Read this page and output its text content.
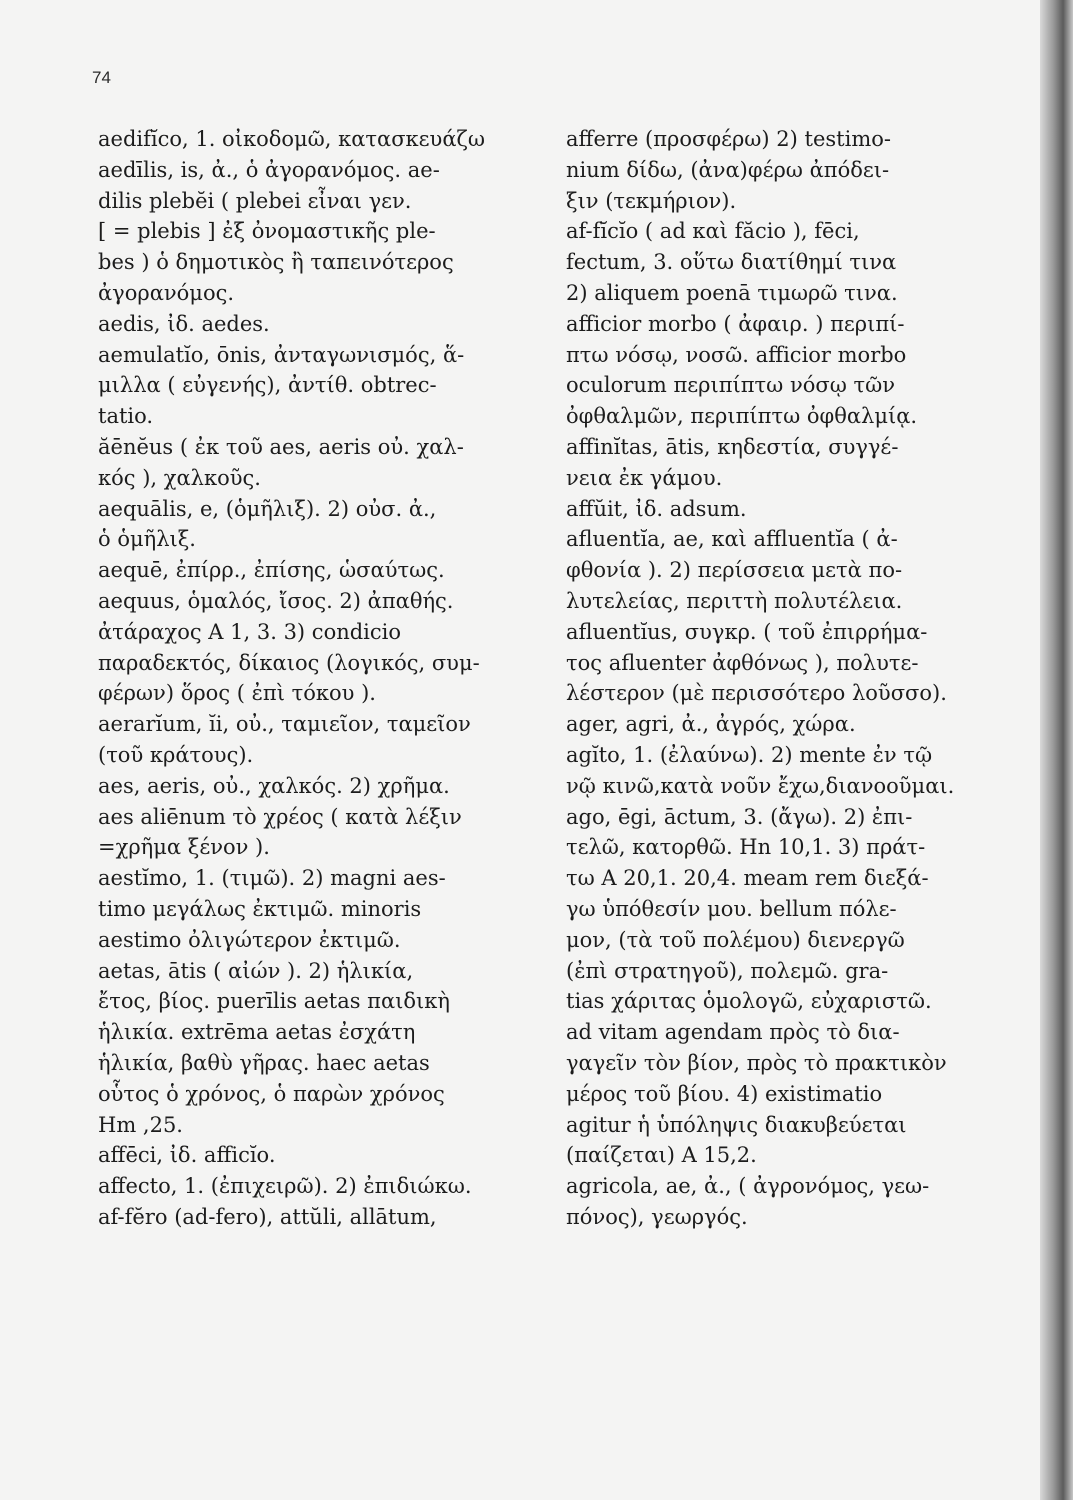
74
aedifĭco, 1. οἰκοδομῶ, κατασκευάζω
aedīlis, is, ἀ., ὁ ἀγορανόμος. ae-
dilis plebĕi ( plebei εἶναι γεν.
[ = plebis ] ἐξ ὀνομαστικῆς ple-
bes ) ὁ δημοτικὸς ἢ ταπεινότερος
ἀγορανόμος.
aedis, ἰδ. aedes.
aemulatĭo, ōnis, ἀνταγωνισμός, ἅ-
μιλλα ( εὐγενής), ἀντίθ. obtrec-
tatio.
ăēnĕus ( ἐκ τοῦ aes, aeris οὐ. χαλ-
κός ), χαλκοῦς.
aequālis, e, (ὁμῆλιξ). 2) οὐσ. ἀ.,
ὁ ὁμῆλιξ.
aequē, ἐπίρρ., ἐπίσης, ὡσαύτως.
aequus, ὁμαλός, ἴσος. 2) ἀπαθής.
ἀτάραχος A 1, 3. 3) condicio
παραδεκτός, δίκαιος (λογικός, συμ-
φέρων) ὅρος ( ἐπὶ τόκου ).
aerarĭum, ĭi, οὐ., ταμιεῖον, ταμεῖον
(τοῦ κράτους).
aes, aeris, οὐ., χαλκός. 2) χρῆμα.
aes aliēnum τὸ χρέος ( κατὰ λέξιν
=χρῆμα ξένον ).
aestĭmo, 1. (τιμῶ). 2) magni aes-
timo μεγάλως ἐκτιμῶ. minoris
aestimo ὀλιγώτερον ἐκτιμῶ.
aetas, ātis ( αἰών ). 2) ἡλικία,
ἔτος, βίος. puerīlis aetas παιδικὴ
ἡλικία. extrēma aetas ἐσχάτη
ἡλικία, βαθὺ γῆρας. haec aetas
οὗτος ὁ χρόνος, ὁ παρὼν χρόνος
Hm ,25.
affēci, ἰδ. afficĭo.
affecto, 1. (ἐπιχειρῶ). 2) ἐπιδιώκω.
af-fĕro (ad-fero), attŭli, allātum,
afferre (προσφέρω) 2) testimo-
nium δίδω, (ἀνα)φέρω ἀπόδει-
ξιν (τεκμήριον).
af-fĭcĭo ( ad καὶ făcio ), fēci,
fectum, 3. οὕτω διατίθημί τινα
2) aliquem poenā τιμωρῶ τινα.
afficior morbo ( ἀφαιρ. ) περιπί-
πτω νόσῳ, νοσῶ. afficior morbo
oculorum περιπίπτω νόσῳ τῶν
ὀφθαλμῶν, περιπίπτω ὀφθαλμίᾳ.
affinĭtas, ātis, κηδεστία, συγγέ-
νεια ἐκ γάμου.
affŭit, ἰδ. adsum.
afluentĭa, ae, καὶ affluentĭa ( ἀ-
φθονία ). 2) περίσσεια μετὰ πο-
λυτελείας, περιττὴ πολυτέλεια.
afluentĭus, συγκρ. ( τοῦ ἐπιρρήμα-
τος afluenter ἀφθόνως ), πολυτε-
λέστερον (μὲ περισσότερο λοῦσσο).
ager, agri, ἀ., ἀγρός, χώρα.
agĭto, 1. (ἐλαύνω). 2) mente ἐν τῷ
νῷ κινῶ,κατὰ νοῦν ἔχω,διανοοῦμαι.
ago, ēgi, āctum, 3. (ἄγω). 2) ἐπι-
τελῶ, κατορθῶ. Hn 10,1. 3) πράτ-
τω A 20,1. 20,4. meam rem διεξά-
γω ὑπόθεσίν μου. bellum πόλε-
μον, (τὰ τοῦ πολέμου) διενεργῶ
(ἐπὶ στρατηγοῦ), πολεμῶ. gra-
tias χάριτας ὁμολογῶ, εὐχαριστῶ.
ad vitam agendam πρὸς τὸ δια-
γαγεῖν τὸν βίον, πρὸς τὸ πρακτικὸν
μέρος τοῦ βίου. 4) existimatio
agitur ἡ ὑπόληψις διακυβεύεται
(παίζεται) A 15,2.
agricola, ae, ἀ., ( ἀγρονόμος, γεω-
πόνος), γεωργός.
